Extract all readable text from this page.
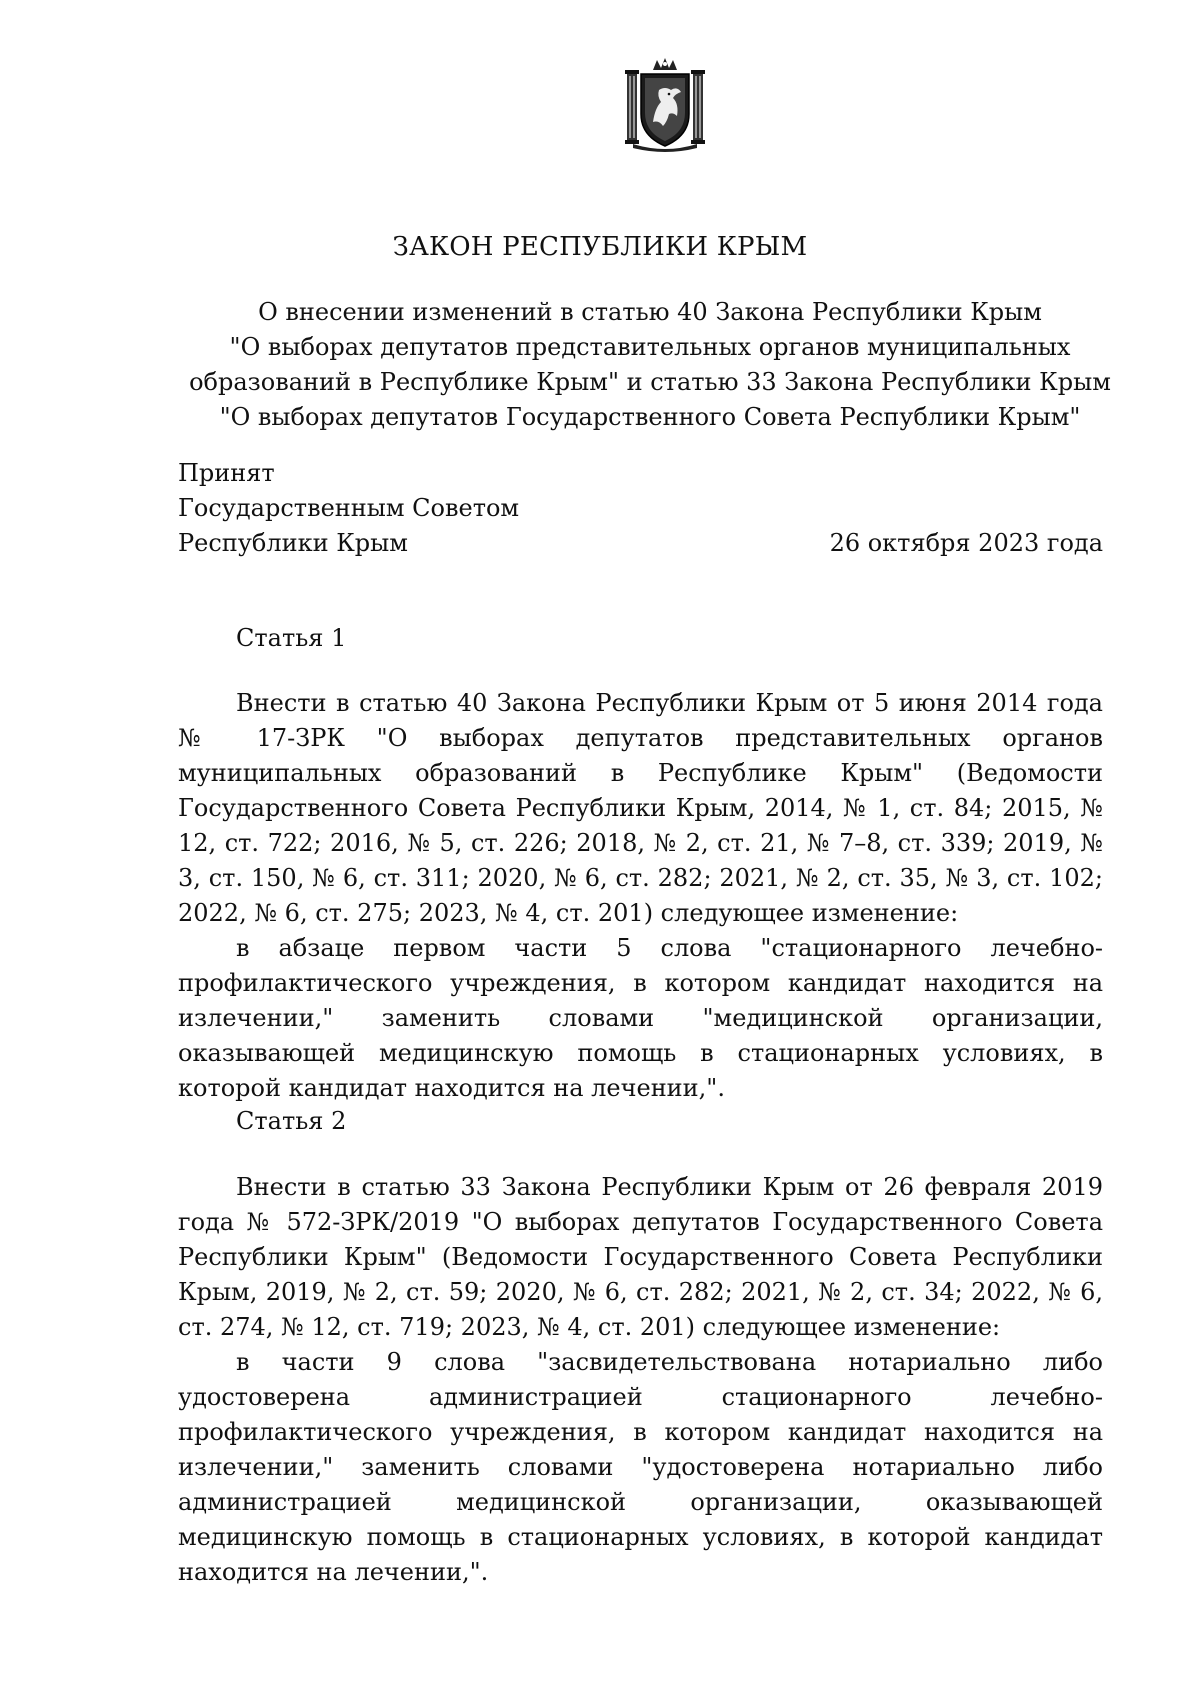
ЗАКОН РЕСПУБЛИКИ КРЫМ
О внесении изменений в статью 40 Закона Республики Крым
"О выборах депутатов представительных органов муниципальных
образований в Республике Крым" и статью 33 Закона Республики Крым
"О выборах депутатов Государственного Совета Республики Крым"
Принят
Государственным Советом
Республики Крым	26 октября 2023 года
Статья 1

Внести в статью 40 Закона Республики Крым от 5 июня 2014 года № 17-ЗРК "О выборах депутатов представительных органов муниципальных образований в Республике Крым" (Ведомости Государственного Совета Республики Крым, 2014, № 1, ст. 84; 2015, № 12, ст. 722; 2016, № 5, ст. 226; 2018, № 2, ст. 21, № 7–8, ст. 339; 2019, № 3, ст. 150, № 6, ст. 311; 2020, № 6, ст. 282; 2021, № 2, ст. 35, № 3, ст. 102; 2022, № 6, ст. 275; 2023, № 4, ст. 201) следующее изменение:

в абзаце первом части 5 слова "стационарного лечебно-профилактического учреждения, в котором кандидат находится на излечении," заменить словами "медицинской организации, оказывающей медицинскую помощь в стационарных условиях, в которой кандидат находится на лечении,".

Статья 2

Внести в статью 33 Закона Республики Крым от 26 февраля 2019 года № 572-ЗРК/2019 "О выборах депутатов Государственного Совета Республики Крым" (Ведомости Государственного Совета Республики Крым, 2019, № 2, ст. 59; 2020, № 6, ст. 282; 2021, № 2, ст. 34; 2022, № 6, ст. 274, № 12, ст. 719; 2023, № 4, ст. 201) следующее изменение:

в части 9 слова "засвидетельствована нотариально либо удостоверена администрацией стационарного лечебно-профилактического учреждения, в котором кандидат находится на излечении," заменить словами "удостоверена нотариально либо администрацией медицинской организации, оказывающей медицинскую помощь в стационарных условиях, в которой кандидат находится на лечении,".
